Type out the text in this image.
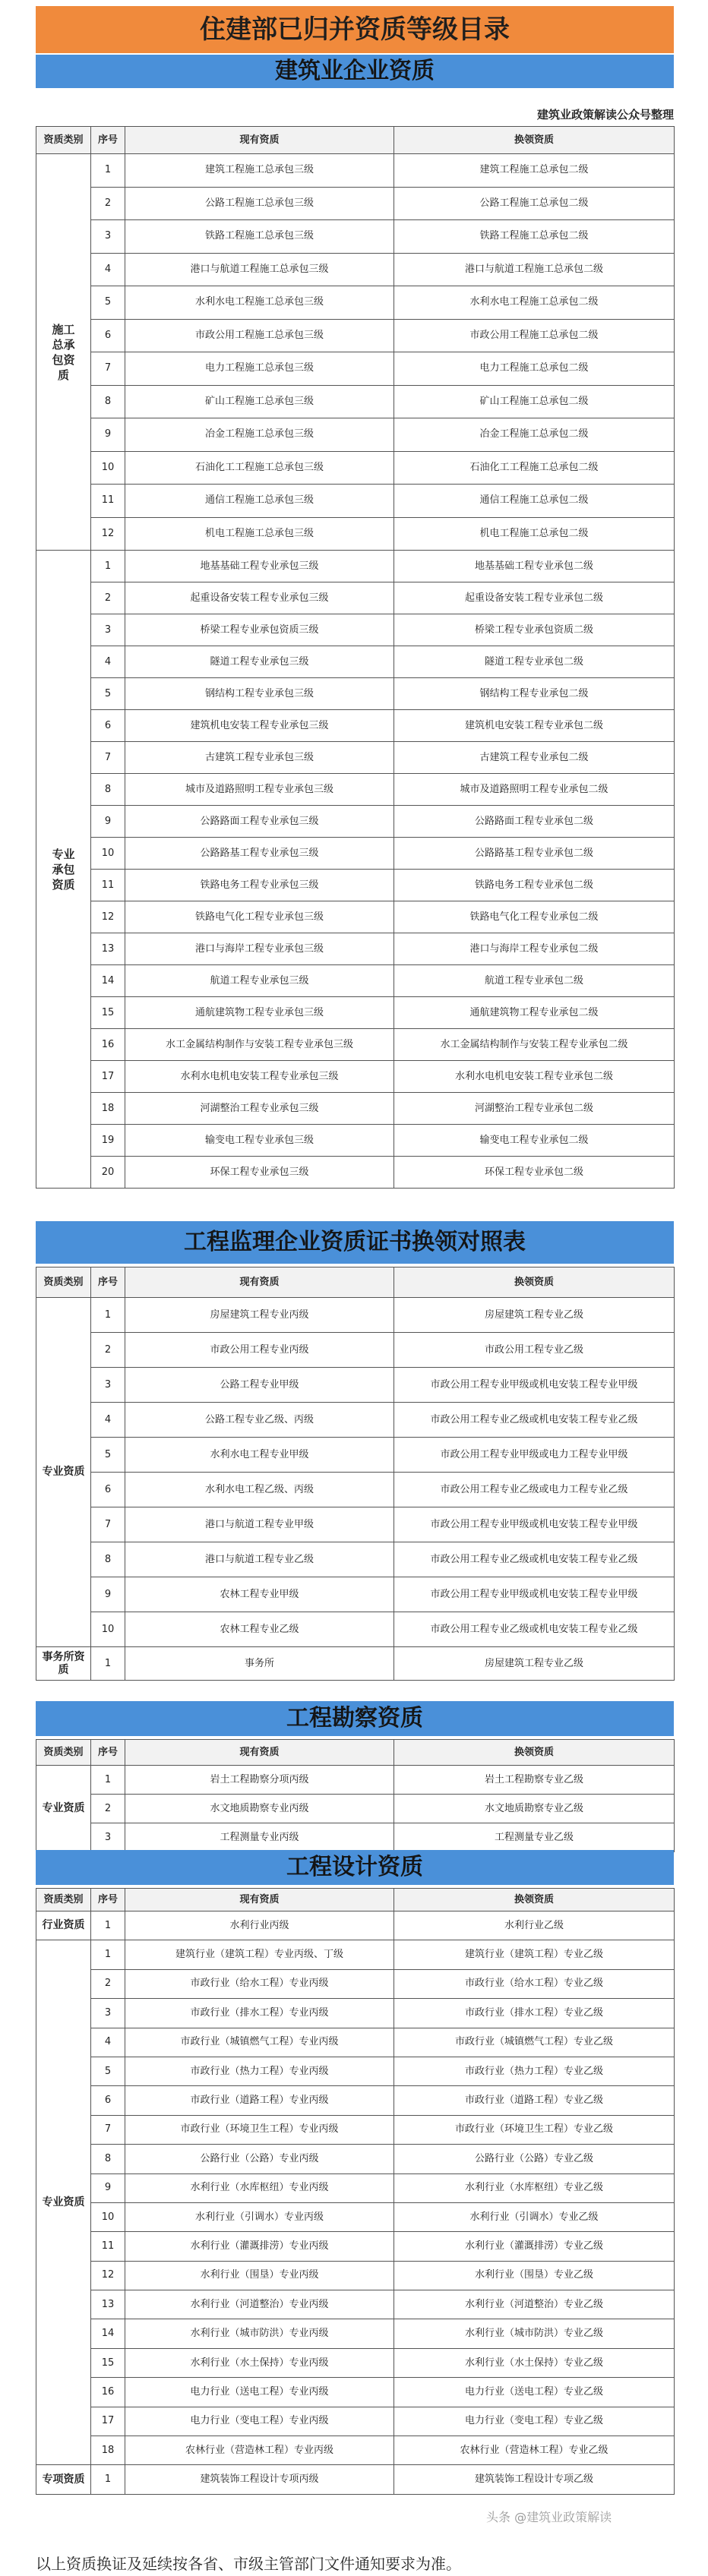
住建部已归并资质等级目录
建筑业企业资质
建筑业政策解读公众号整理
资质类别	序号	现有资质	换领资质
施工总承包资质	1	建筑工程施工总承包三级	建筑工程施工总承包二级
	2	公路工程施工总承包三级	公路工程施工总承包二级
	3	铁路工程施工总承包三级	铁路工程施工总承包二级
	4	港口与航道工程施工总承包三级	港口与航道工程施工总承包二级
	5	水利水电工程施工总承包三级	水利水电工程施工总承包二级
	6	市政公用工程施工总承包三级	市政公用工程施工总承包二级
	7	电力工程施工总承包三级	电力工程施工总承包二级
	8	矿山工程施工总承包三级	矿山工程施工总承包二级
	9	冶金工程施工总承包三级	冶金工程施工总承包二级
	10	石油化工工程施工总承包三级	石油化工工程施工总承包二级
	11	通信工程施工总承包三级	通信工程施工总承包二级
	12	机电工程施工总承包三级	机电工程施工总承包二级
专业承包资质	1	地基基础工程专业承包三级	地基基础工程专业承包二级
	2	起重设备安装工程专业承包三级	起重设备安装工程专业承包二级
	3	桥梁工程专业承包资质三级	桥梁工程专业承包资质二级
	4	隧道工程专业承包三级	隧道工程专业承包二级
	5	钢结构工程专业承包三级	钢结构工程专业承包二级
	6	建筑机电安装工程专业承包三级	建筑机电安装工程专业承包二级
	7	古建筑工程专业承包三级	古建筑工程专业承包二级
	8	城市及道路照明工程专业承包三级	城市及道路照明工程专业承包二级
	9	公路路面工程专业承包三级	公路路面工程专业承包二级
	10	公路路基工程专业承包三级	公路路基工程专业承包二级
	11	铁路电务工程专业承包三级	铁路电务工程专业承包二级
	12	铁路电气化工程专业承包三级	铁路电气化工程专业承包二级
	13	港口与海岸工程专业承包三级	港口与海岸工程专业承包二级
	14	航道工程专业承包三级	航道工程专业承包二级
	15	通航建筑物工程专业承包三级	通航建筑物工程专业承包二级
	16	水工金属结构制作与安装工程专业承包三级	水工金属结构制作与安装工程专业承包二级
	17	水利水电机电安装工程专业承包三级	水利水电机电安装工程专业承包二级
	18	河湖整治工程专业承包三级	河湖整治工程专业承包二级
	19	输变电工程专业承包三级	输变电工程专业承包二级
	20	环保工程专业承包三级	环保工程专业承包二级
工程监理企业资质证书换领对照表
资质类别	序号	现有资质	换领资质
专业资质	1	房屋建筑工程专业丙级	房屋建筑工程专业乙级
	2	市政公用工程专业丙级	市政公用工程专业乙级
	3	公路工程专业甲级	市政公用工程专业甲级或机电安装工程专业甲级
	4	公路工程专业乙级、丙级	市政公用工程专业乙级或机电安装工程专业乙级
	5	水利水电工程专业甲级	市政公用工程专业甲级或电力工程专业甲级
	6	水利水电工程乙级、丙级	市政公用工程专业乙级或电力工程专业乙级
	7	港口与航道工程专业甲级	市政公用工程专业甲级或机电安装工程专业甲级
	8	港口与航道工程专业乙级	市政公用工程专业乙级或机电安装工程专业乙级
	9	农林工程专业甲级	市政公用工程专业甲级或机电安装工程专业甲级
	10	农林工程专业乙级	市政公用工程专业乙级或机电安装工程专业乙级
事务所资质	1	事务所	房屋建筑工程专业乙级
工程勘察资质
资质类别	序号	现有资质	换领资质
专业资质	1	岩土工程勘察分项丙级	岩土工程勘察专业乙级
	2	水文地质勘察专业丙级	水文地质勘察专业乙级
	3	工程测量专业丙级	工程测量专业乙级
工程设计资质
资质类别	序号	现有资质	换领资质
行业资质	1	水利行业丙级	水利行业乙级
专业资质	1	建筑行业（建筑工程）专业丙级、丁级	建筑行业（建筑工程）专业乙级
	2	市政行业（给水工程）专业丙级	市政行业（给水工程）专业乙级
	3	市政行业（排水工程）专业丙级	市政行业（排水工程）专业乙级
	4	市政行业（城镇燃气工程）专业丙级	市政行业（城镇燃气工程）专业乙级
	5	市政行业（热力工程）专业丙级	市政行业（热力工程）专业乙级
	6	市政行业（道路工程）专业丙级	市政行业（道路工程）专业乙级
	7	市政行业（环境卫生工程）专业丙级	市政行业（环境卫生工程）专业乙级
	8	公路行业（公路）专业丙级	公路行业（公路）专业乙级
	9	水利行业（水库枢纽）专业丙级	水利行业（水库枢纽）专业乙级
	10	水利行业（引调水）专业丙级	水利行业（引调水）专业乙级
	11	水利行业（灌溉排涝）专业丙级	水利行业（灌溉排涝）专业乙级
	12	水利行业（围垦）专业丙级	水利行业（围垦）专业乙级
	13	水利行业（河道整治）专业丙级	水利行业（河道整治）专业乙级
	14	水利行业（城市防洪）专业丙级	水利行业（城市防洪）专业乙级
	15	水利行业（水土保持）专业丙级	水利行业（水土保持）专业乙级
	16	电力行业（送电工程）专业丙级	电力行业（送电工程）专业乙级
	17	电力行业（变电工程）专业丙级	电力行业（变电工程）专业乙级
	18	农林行业（营造林工程）专业丙级	农林行业（营造林工程）专业乙级
专项资质	1	建筑装饰工程设计专项丙级	建筑装饰工程设计专项乙级
以上资质换证及延续按各省、市级主管部门文件通知要求为准。
头条 @建筑业政策解读
